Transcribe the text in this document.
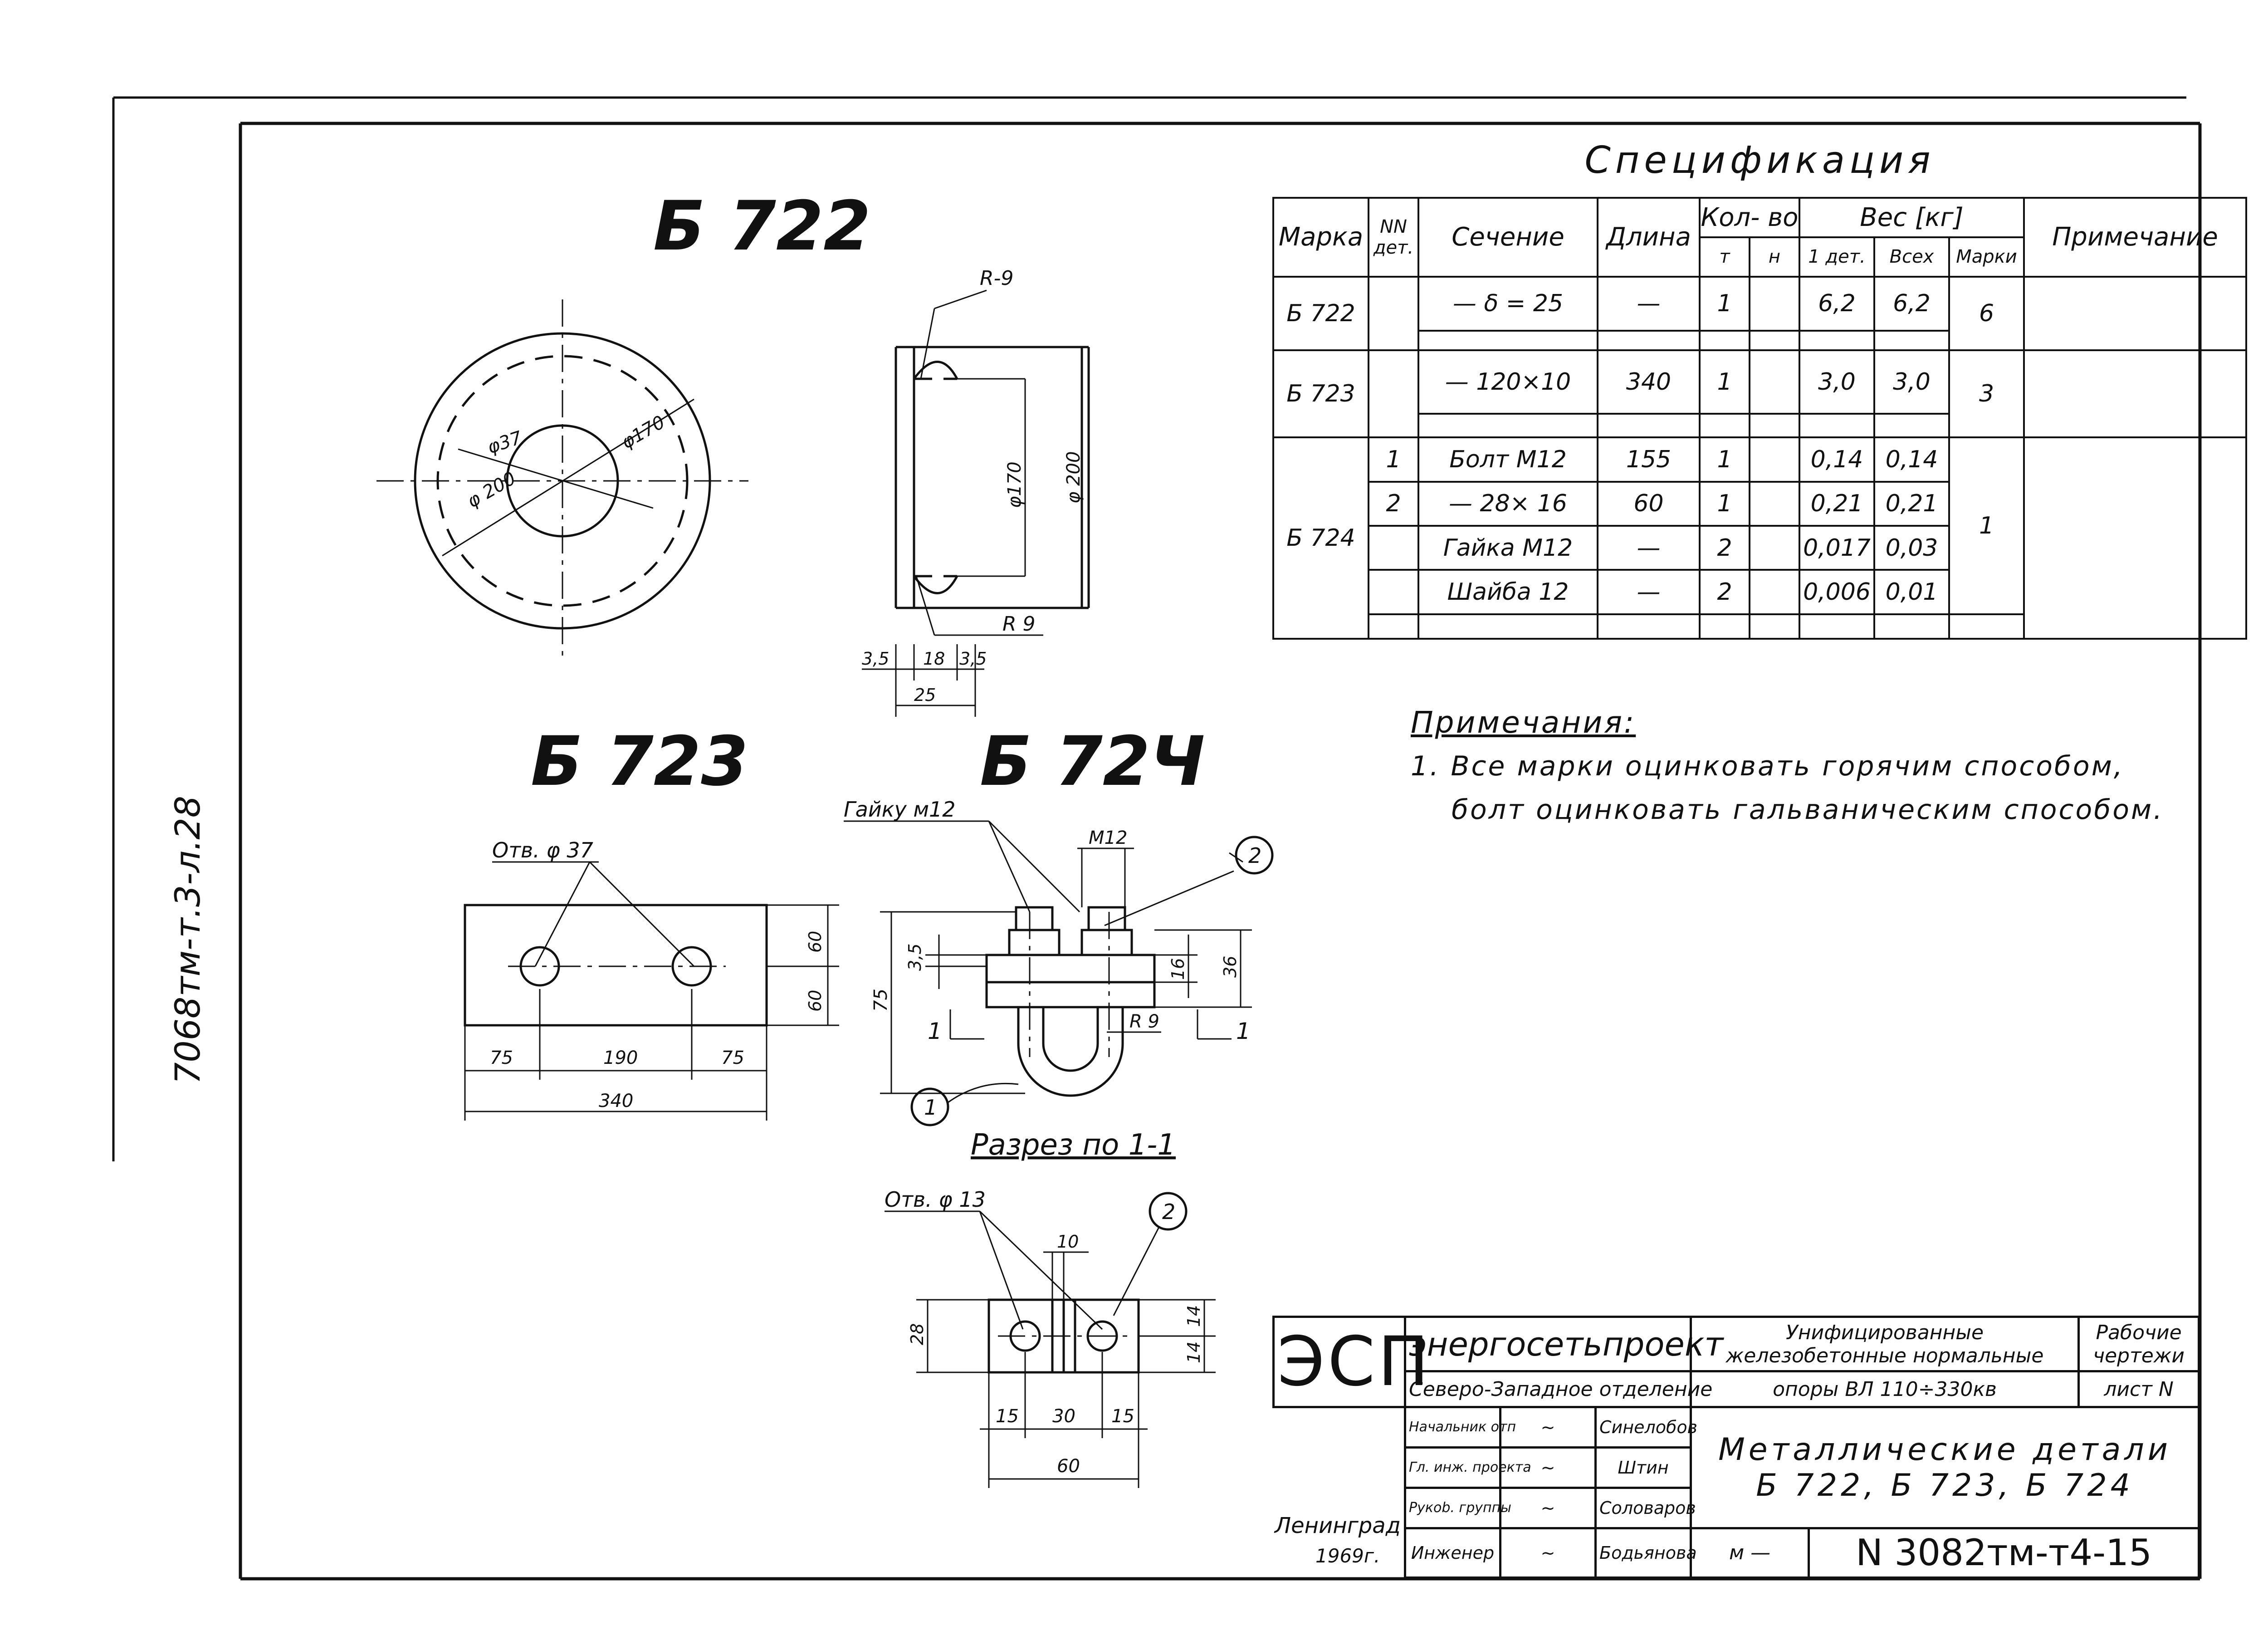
7068тм-т.3-л.28
Б 722
φ37	φ170
φ 200
R-9
R 9
φ170 φ 200
3,5 18 3,5
25
Б 723
Отв. φ 37
60
60
75	190	75
340
Б 72Ч
Гайку м12
М12
2
1
1	1
3,5
75
16 36
R 9
Разрез по 1-1
Отв. φ 13	2
10
28
14
14
15 30 15
60
Спецификация									
Марка	NN
дет.	Сечение	Длина	Кол- во		Вес [кг]			Примечание
				т	н	1 дет.	Всех	Марки	
Б 722		— δ = 25	—	1		6,2	6,2	6	

Б 723		— 120×10	340	1		3,0	3,0	3	

Б 724	1	Болт М12	155	1		0,14	0,14	1	
	2	— 28× 16	60	1		0,21	0,21		
		Гайка М12	—	2		0,017	0,03		
		Шайба 12	—	2		0,006	0,01		

Примечания:
1. Все марки оцинковать горячим способом,
болт оцинковать гальваническим способом.
ЭСП	энергосетьпроект			Унифицированные
железобетонные нормальные		Рабочие
чертежи
	Северо-Западное отделение			опоры ВЛ 110÷330кв		лист N
	Начальник отп	~	Синелобов	Металлические детали
Б 722, Б 723, Б 724		

	Гл. инж. проекта	~	Штин			
	Рукоb. группы	~	Соловаров			
	Инженер	~	Бодьянова	м —	N 3082тм-т4-15	
Ленинград
1969г.
